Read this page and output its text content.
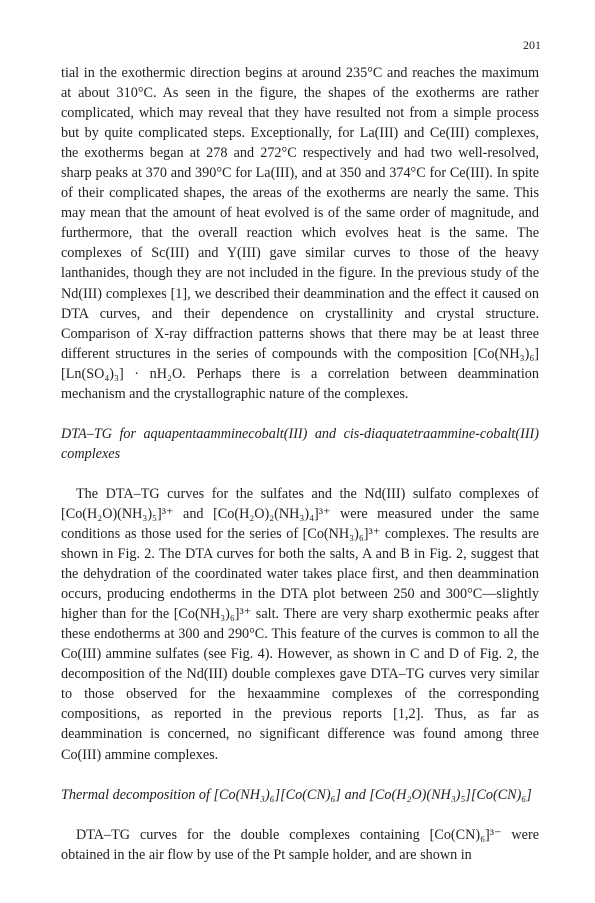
201

tial in the exothermic direction begins at around 235°C and reaches the maximum at about 310°C. As seen in the figure, the shapes of the exotherms are rather complicated, which may reveal that they have resulted not from a simple process but by quite complicated steps. Exceptionally, for La(III) and Ce(III) complexes, the exotherms began at 278 and 272°C respectively and had two well-resolved, sharp peaks at 370 and 390°C for La(III), and at 350 and 374°C for Ce(III). In spite of their complicated shapes, the areas of the exotherms are nearly the same. This may mean that the amount of heat evolved is of the same order of magnitude, and furthermore, that the overall reaction which evolves heat is the same. The complexes of Sc(III) and Y(III) gave similar curves to those of the heavy lanthanides, though they are not included in the figure. In the previous study of the Nd(III) complexes [1], we described their deammination and the effect it caused on DTA curves, and their dependence on crystallinity and crystal structure. Comparison of X-ray diffraction patterns shows that there may be at least three different structures in the series of compounds with the composition [Co(NH₃)₆][Ln(SO₄)₃] · nH₂O. Perhaps there is a correlation between deammination mechanism and the crystallographic nature of the complexes.

DTA–TG for aquapentaamminecobalt(III) and cis-diaquatetraammine-cobalt(III) complexes

The DTA–TG curves for the sulfates and the Nd(III) sulfato complexes of [Co(H₂O)(NH₃)₅]³⁺ and [Co(H₂O)₂(NH₃)₄]³⁺ were measured under the same conditions as those used for the series of [Co(NH₃)₆]³⁺ complexes. The results are shown in Fig. 2. The DTA curves for both the salts, A and B in Fig. 2, suggest that the dehydration of the coordinated water takes place first, and then deammination occurs, producing endotherms in the DTA plot between 250 and 300°C—slightly higher than for the [Co(NH₃)₆]³⁺ salt. There are very sharp exothermic peaks after these endotherms at 300 and 290°C. This feature of the curves is common to all the Co(III) ammine sulfates (see Fig. 4). However, as shown in C and D of Fig. 2, the decomposition of the Nd(III) double complexes gave DTA–TG curves very similar to those observed for the hexaammine complexes of the corresponding compositions, as reported in the previous reports [1,2]. Thus, as far as deammination is concerned, no significant difference was found among three Co(III) ammine complexes.

Thermal decomposition of [Co(NH₃)₆][Co(CN)₆] and [Co(H₂O)(NH₃)₅][Co(CN)₆]

DTA–TG curves for the double complexes containing [Co(CN)₆]³⁻ were obtained in the air flow by use of the Pt sample holder, and are shown in
